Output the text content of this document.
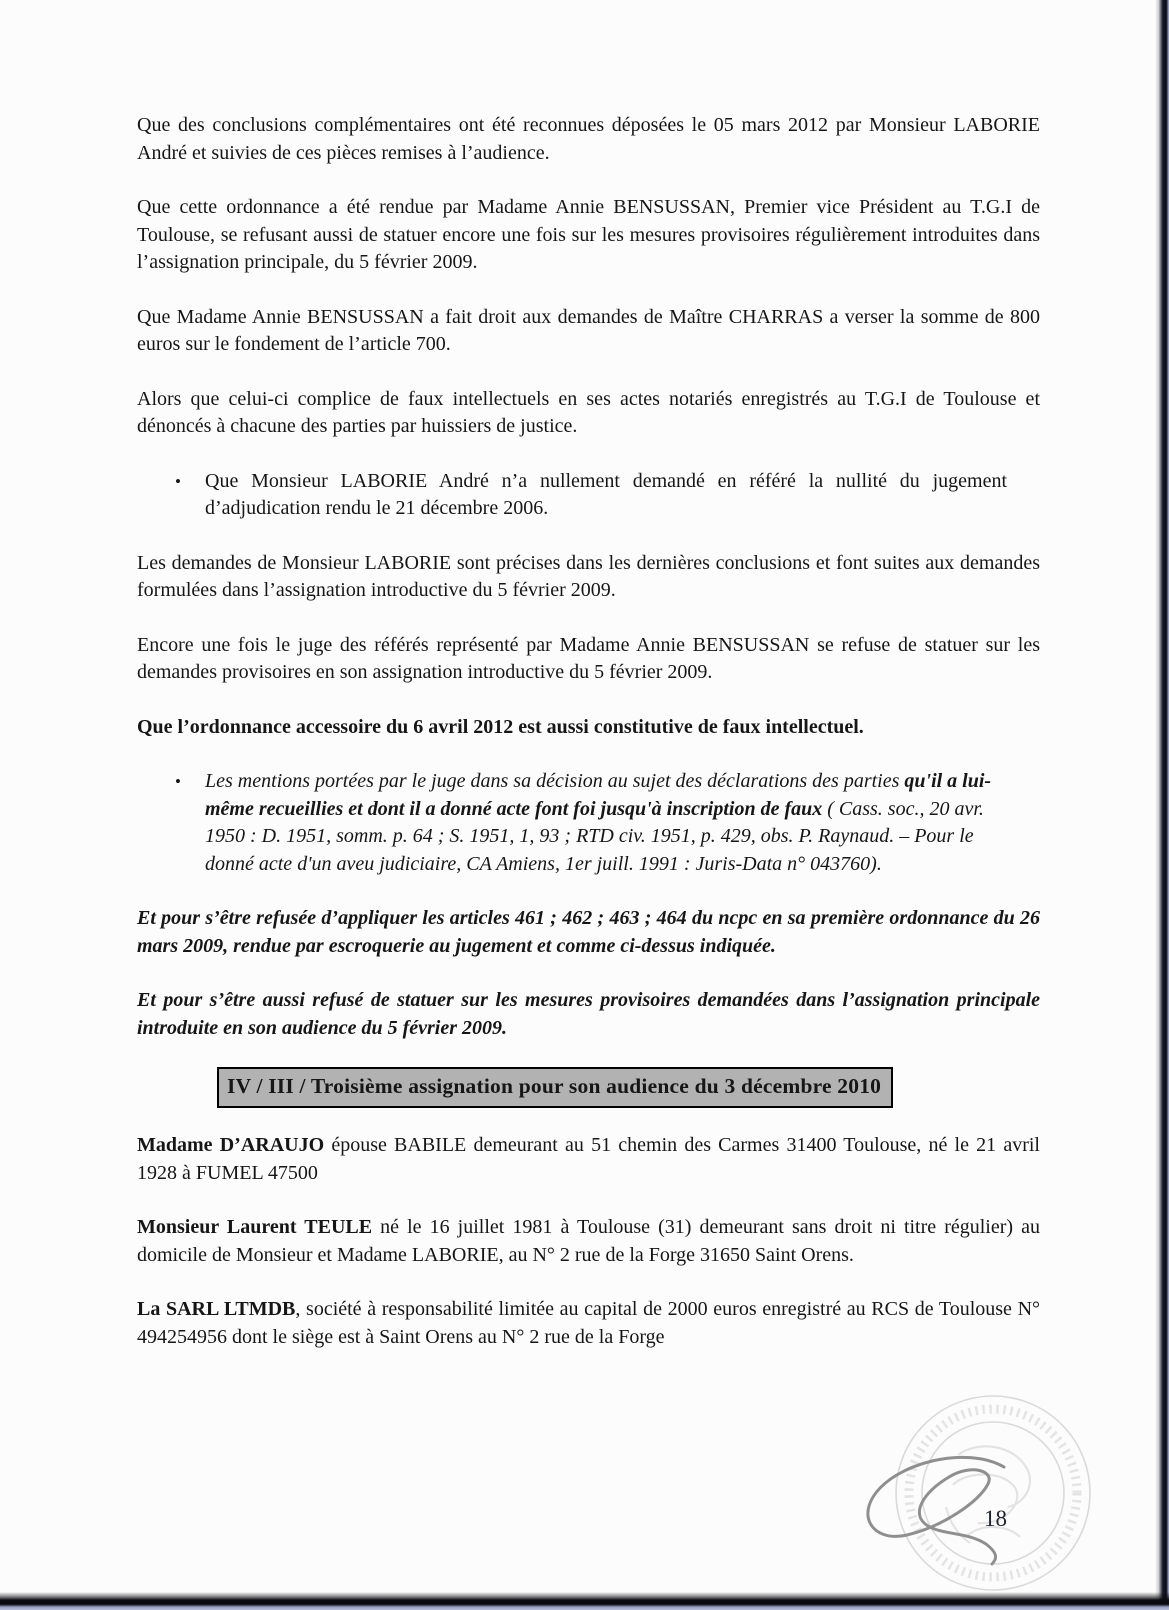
Que des conclusions complémentaires ont été reconnues déposées le 05 mars 2012 par Monsieur LABORIE André et suivies de ces pièces remises à l’audience.
Que cette ordonnance a été rendue par Madame Annie BENSUSSAN, Premier vice Président au T.G.I de Toulouse, se refusant aussi de statuer encore une fois sur les mesures provisoires régulièrement introduites dans l’assignation principale, du 5 février 2009.
Que Madame Annie BENSUSSAN a fait droit aux demandes de Maître CHARRAS a verser la somme de 800 euros sur le fondement de l’article 700.
Alors que celui-ci complice de faux intellectuels en ses actes notariés enregistrés au T.G.I de Toulouse et dénoncés à chacune des parties par huissiers de justice.
•	Que Monsieur LABORIE André n’a nullement demandé en référé la nullité du jugement d’adjudication rendu le 21 décembre 2006.
Les demandes de Monsieur LABORIE sont précises dans les dernières conclusions et font suites aux demandes formulées dans l’assignation introductive du 5 février 2009.
Encore une fois le juge des référés représenté par Madame Annie BENSUSSAN se refuse de statuer sur les demandes provisoires en son assignation introductive du 5 février 2009.
Que l’ordonnance accessoire du 6 avril 2012 est aussi constitutive de faux intellectuel.
•	Les mentions portées par le juge dans sa décision au sujet des déclarations des parties qu'il a lui-même recueillies et dont il a donné acte font foi jusqu'à inscription de faux ( Cass. soc., 20 avr. 1950 : D. 1951, somm. p. 64 ; S. 1951, 1, 93 ; RTD civ. 1951, p. 429, obs. P. Raynaud. – Pour le donné acte d'un aveu judiciaire, CA Amiens, 1er juill. 1991 : Juris-Data n° 043760).
Et pour s’être refusée d’appliquer les articles 461 ; 462 ; 463 ; 464 du ncpc en sa première ordonnance du 26 mars 2009, rendue par escroquerie au jugement et comme ci-dessus indiquée.
Et pour s’être aussi refusé de statuer sur les mesures provisoires demandées dans l’assignation principale introduite en son audience du 5 février 2009.
IV / III / Troisième assignation pour son audience du 3 décembre 2010
Madame D’ARAUJO épouse BABILE demeurant au 51 chemin des Carmes 31400 Toulouse, né le 21 avril 1928 à FUMEL 47500
Monsieur Laurent TEULE né le 16 juillet 1981 à Toulouse (31) demeurant sans droit ni titre régulier) au domicile de Monsieur et Madame LABORIE, au N° 2 rue de la Forge 31650 Saint Orens.
La SARL LTMDB, société à responsabilité limitée au capital de 2000 euros enregistré au RCS de Toulouse N° 494254956 dont le siège est à Saint Orens au N° 2 rue de la Forge
18
